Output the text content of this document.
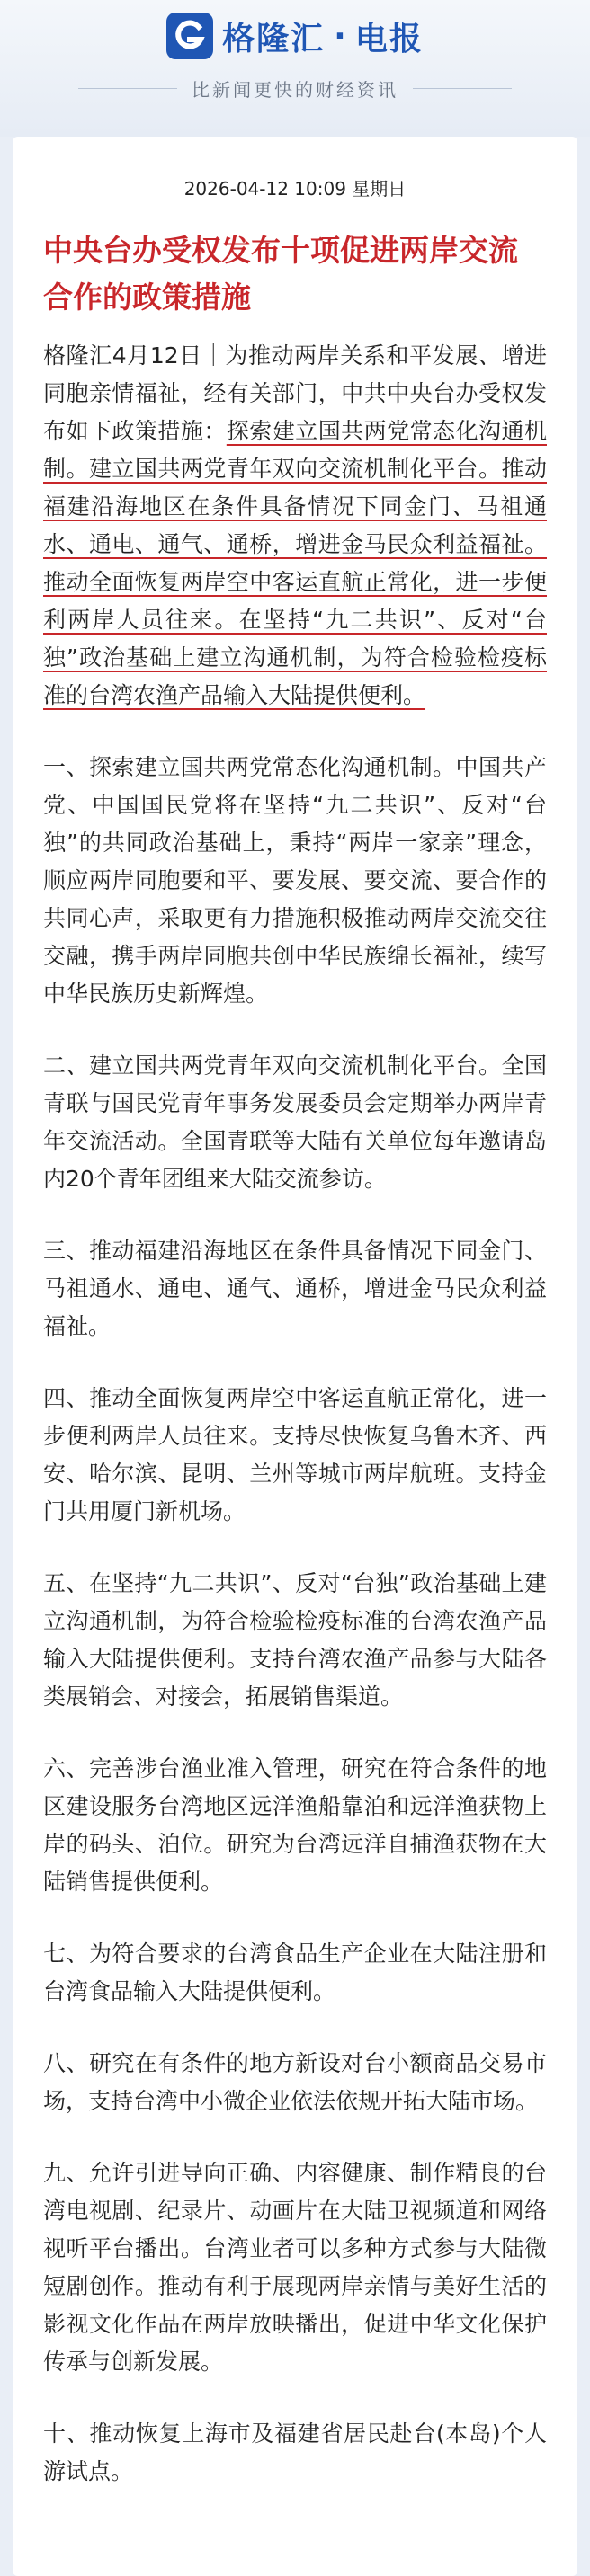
格隆汇 · 电报
比新闻更快的财经资讯
2026-04-12 10:09 星期日
中央台办受权发布十项促进两岸交流合作的政策措施
格隆汇4月12日｜为推动两岸关系和平发展、增进同胞亲情福祉，经有关部门，中共中央台办受权发布如下政策措施：探索建立国共两党常态化沟通机制。建立国共两党青年双向交流机制化平台。推动福建沿海地区在条件具备情况下同金门、马祖通水、通电、通气、通桥，增进金马民众利益福祉。推动全面恢复两岸空中客运直航正常化，进一步便利两岸人员往来。在坚持“九二共识”、反对“台独”政治基础上建立沟通机制，为符合检验检疫标准的台湾农渔产品输入大陆提供便利。
一、探索建立国共两党常态化沟通机制。中国共产党、中国国民党将在坚持“九二共识”、反对“台独”的共同政治基础上，秉持“两岸一家亲”理念，顺应两岸同胞要和平、要发展、要交流、要合作的共同心声，采取更有力措施积极推动两岸交流交往交融，携手两岸同胞共创中华民族绵长福祉，续写中华民族历史新辉煌。
二、建立国共两党青年双向交流机制化平台。全国青联与国民党青年事务发展委员会定期举办两岸青年交流活动。全国青联等大陆有关单位每年邀请岛内20个青年团组来大陆交流参访。
三、推动福建沿海地区在条件具备情况下同金门、马祖通水、通电、通气、通桥，增进金马民众利益福祉。
四、推动全面恢复两岸空中客运直航正常化，进一步便利两岸人员往来。支持尽快恢复乌鲁木齐、西安、哈尔滨、昆明、兰州等城市两岸航班。支持金门共用厦门新机场。
五、在坚持“九二共识”、反对“台独”政治基础上建立沟通机制，为符合检验检疫标准的台湾农渔产品输入大陆提供便利。支持台湾农渔产品参与大陆各类展销会、对接会，拓展销售渠道。
六、完善涉台渔业准入管理，研究在符合条件的地区建设服务台湾地区远洋渔船靠泊和远洋渔获物上岸的码头、泊位。研究为台湾远洋自捕渔获物在大陆销售提供便利。
七、为符合要求的台湾食品生产企业在大陆注册和台湾食品输入大陆提供便利。
八、研究在有条件的地方新设对台小额商品交易市场，支持台湾中小微企业依法依规开拓大陆市场。
九、允许引进导向正确、内容健康、制作精良的台湾电视剧、纪录片、动画片在大陆卫视频道和网络视听平台播出。台湾业者可以多种方式参与大陆微短剧创作。推动有利于展现两岸亲情与美好生活的影视文化作品在两岸放映播出，促进中华文化保护传承与创新发展。
十、推动恢复上海市及福建省居民赴台(本岛)个人游试点。
